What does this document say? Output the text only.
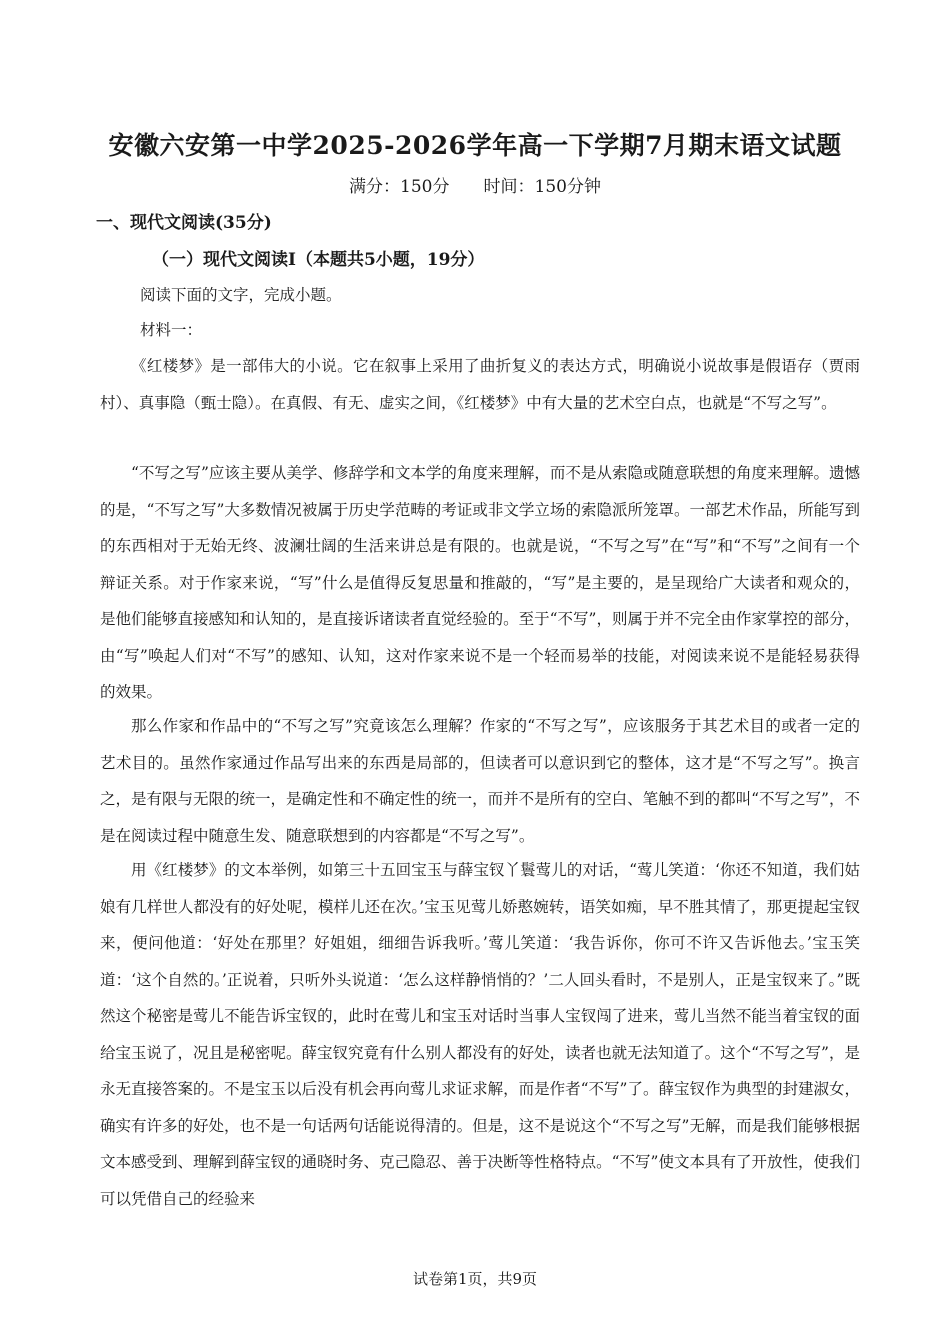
安徽六安第一中学2025-2026学年高一下学期7月期末语文试题
满分：150分 时间：150分钟
一、现代文阅读(35分)
（一）现代文阅读I（本题共5小题，19分）
阅读下面的文字，完成小题。
材料一：

《红楼梦》是一部伟大的小说。它在叙事上采用了曲折复义的表达方式，明确说小说故事是假语存（贾雨村）、真事隐（甄士隐）。在真假、有无、虚实之间，《红楼梦》中有大量的艺术空白点，也就是“不写之写”。

“不写之写”应该主要从美学、修辞学和文本学的角度来理解，而不是从索隐或随意联想的角度来理解。遗憾的是，“不写之写”大多数情况被属于历史学范畴的考证或非文学立场的索隐派所笼罩。一部艺术作品，所能写到的东西相对于无始无终、波澜壮阔的生活来讲总是有限的。也就是说，“不写之写”在“写”和“不写”之间有一个辩证关系。对于作家来说，“写”什么是值得反复思量和推敲的，“写”是主要的，是呈现给广大读者和观众的，是他们能够直接感知和认知的，是直接诉诸读者直觉经验的。至于“不写”，则属于并不完全由作家掌控的部分，由“写”唤起人们对“不写”的感知、认知，这对作家来说不是一个轻而易举的技能，对阅读来说不是能轻易获得的效果。

那么作家和作品中的“不写之写”究竟该怎么理解？作家的“不写之写”，应该服务于其艺术目的或者一定的艺术目的。虽然作家通过作品写出来的东西是局部的，但读者可以意识到它的整体，这才是“不写之写”。换言之，是有限与无限的统一，是确定性和不确定性的统一，而并不是所有的空白、笔触不到的都叫“不写之写”，不是在阅读过程中随意生发、随意联想到的内容都是“不写之写”。

用《红楼梦》的文本举例，如第三十五回宝玉与薛宝钗丫鬟莺儿的对话，“莺儿笑道：‘你还不知道，我们姑娘有几样世人都没有的好处呢，模样儿还在次。’宝玉见莺儿娇憨婉转，语笑如痴，早不胜其情了，那更提起宝钗来，便问他道：‘好处在那里？好姐姐，细细告诉我听。’莺儿笑道：‘我告诉你，你可不许又告诉他去。’宝玉笑道：‘这个自然的。’正说着，只听外头说道：‘怎么这样静悄悄的？’二人回头看时，不是别人，正是宝钗来了。”既然这个秘密是莺儿不能告诉宝钗的，此时在莺儿和宝玉对话时当事人宝钗闯了进来，莺儿当然不能当着宝钗的面给宝玉说了，况且是秘密呢。薛宝钗究竟有什么别人都没有的好处，读者也就无法知道了。这个“不写之写”，是永无直接答案的。不是宝玉以后没有机会再向莺儿求证求解，而是作者“不写”了。薛宝钗作为典型的封建淑女，确实有许多的好处，也不是一句话两句话能说得清的。但是，这不是说这个“不写之写”无解，而是我们能够根据文本感受到、理解到薛宝钗的通晓时务、克己隐忍、善于决断等性格特点。“不写”使文本具有了开放性，使我们可以凭借自己的经验来

试卷第1页，共9页
